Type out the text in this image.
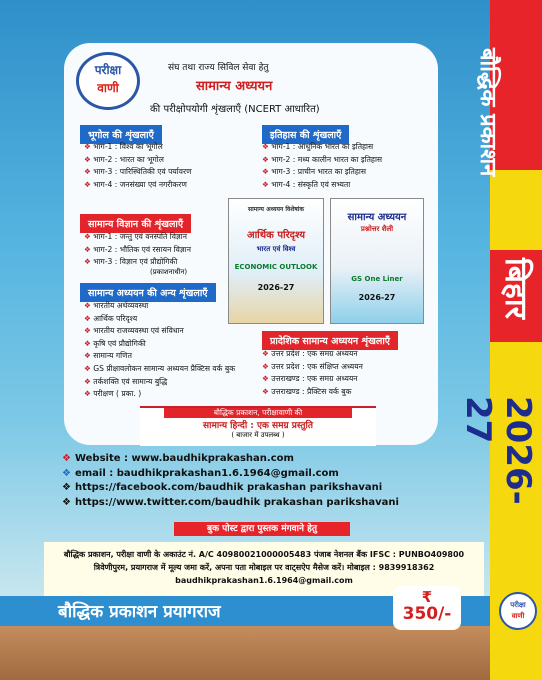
परीक्षा
वाणी
संघ तथा राज्य सिविल सेवा हेतु
सामान्य अध्ययन
की परीक्षोपयोगी शृंखलाएँ (NCERT आधारित)
भूगोल की शृंखलाएँ
❖ भाग-1 : विश्व का भूगोल
❖ भाग-2 : भारत का भूगोल
❖ भाग-3 : पारिस्थितिकी एवं पर्यावरण
❖ भाग-4 : जनसंख्या एवं नगरीकरण
इतिहास की शृंखलाएँ
❖ भाग-1 : आधुनिक भारत का इतिहास
❖ भाग-2 : मध्य कालीन भारत का इतिहास
❖ भाग-3 : प्राचीन भारत का इतिहास
❖ भाग-4 : संस्कृति एवं सभ्यता
सामान्य विज्ञान की शृंखलाएँ
❖ भाग-1 : जन्तु एवं वनस्पति विज्ञान
❖ भाग-2 : भौतिक एवं रसायन विज्ञान
❖ भाग-3 : विज्ञान एवं प्रौद्योगिकी
(प्रकाशनाधीन)
सामान्य अध्ययन विशेषांक
आर्थिक परिदृश्य
भारत एवं विश्व
ECONOMIC OUTLOOK
2026-27
सामान्य अध्ययन
प्रश्नोत्तर शैली
GS One Liner
2026-27
सामान्य अध्ययन की अन्य शृंखलाएँ
❖ भारतीय अर्थव्यवस्था
❖ आर्थिक परिदृश्य
❖ भारतीय राजव्यवस्था एवं संविधान
❖ कृषि एवं प्रौद्योगिकी
❖ सामान्य गणित
❖ GS प्रीक्षावलोकन सामान्य अध्ययन प्रैक्टिस वर्क बुक
❖ तर्कशक्ति एवं सामान्य बुद्धि
❖ परीक्षण ( प्रका. )
प्रादेशिक सामान्य अध्ययन शृंखलाएँ
❖ उत्तर प्रदेश : एक समग्र अध्ययन
❖ उत्तर प्रदेश : एक संक्षिप्त अध्ययन
❖ उत्तराखण्ड : एक समग्र अध्ययन
❖ उत्तराखण्ड : प्रैक्टिस वर्क बुक
बौद्धिक प्रकाशन, परीक्षावाणी की
सामान्य हिन्दी : एक समग्र प्रस्तुति
( बाजार में उपलब्ध )
❖ Website : www.baudhikprakashan.com
❖ email : baudhikprakashan1.6.1964@gmail.com
❖ https://facebook.com/baudhik prakashan parikshavani
❖ https://www.twitter.com/baudhik prakashan parikshavani
बुक पोस्ट द्वारा पुस्तक मंगवाने हेतु
बौद्धिक प्रकाशन, परीक्षा वाणी के अकाउंट नं. A/C 40980021000005483 पंजाब नेशनल बैंक IFSC : PUNBO409800
त्रिवेणीपुरम, प्रयागराज में मूल्य जमा करें, अपना पता मोबाइल पर वाट्सऐप मैसेज करें। मोबाइल : 9839918362
baudhikprakashan1.6.1964@gmail.com
बौद्धिक प्रकाशन प्रयागराज
₹
350/-
बौद्धिक प्रकाशन
बिहार
2026-27
परीक्षा
वाणी
